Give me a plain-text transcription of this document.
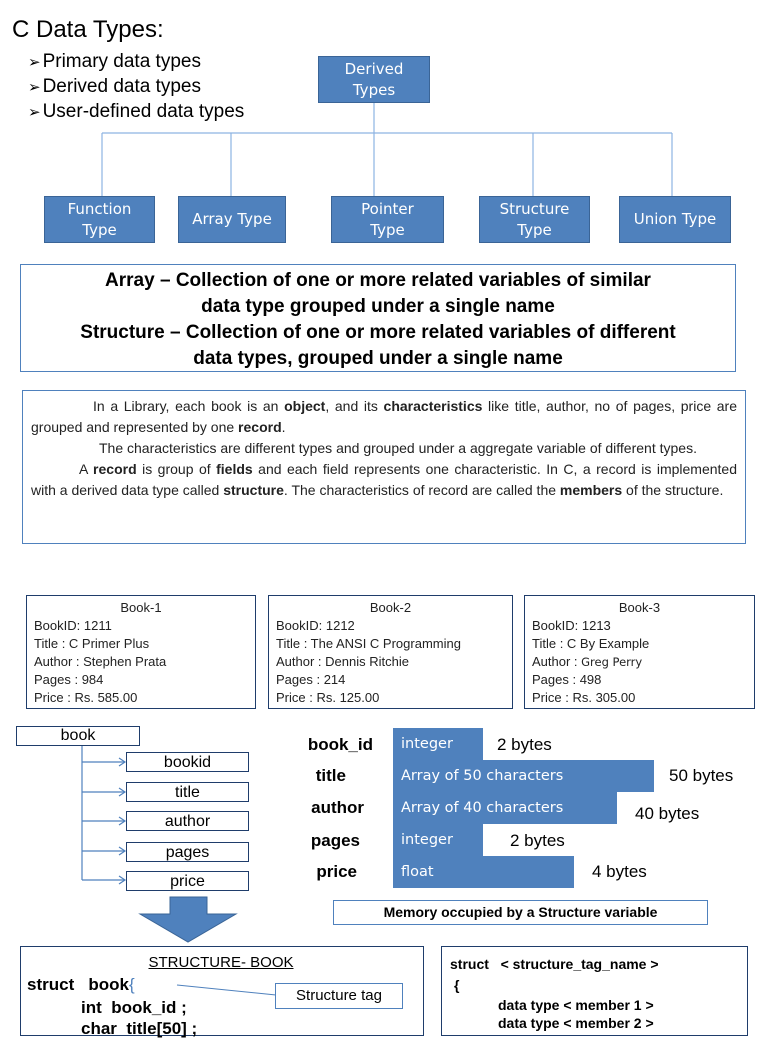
C Data Types:
➢ Primary data types
➢ Derived data types
➢ User-defined data types
Derived
Types
Function
Type
Array Type
Pointer
Type
Structure
Type
Union Type
Array – Collection of one or more related variables of similar
data type grouped under a single name
Structure – Collection of one or more related variables of different
data types, grouped under a single name
In a Library, each book is an object, and its characteristics like title, author, no of pages, price are grouped and represented by one record.
The characteristics are different types and grouped under a aggregate variable of different types.
A record is group of fields and each field represents one characteristic. In C, a record is implemented with a derived data type called structure. The characteristics of record are called the members of the structure.
Book-1
BookID: 1211
Title : C Primer Plus
Author : Stephen Prata
Pages : 984
Price : Rs. 585.00
Book-2
BookID: 1212
Title : The ANSI C Programming
Author : Dennis Ritchie
Pages : 214
Price : Rs. 125.00
Book-3
BookID: 1213
Title : C By Example
Author : Greg Perry
Pages : 498
Price : Rs. 305.00
book
bookid
title
author
pages
price
book_id	integer	2 bytes
title	Array of 50 characters	50 bytes
author	Array of 40 characters	40 bytes
pages	integer	2 bytes
price	float	4 bytes
Memory occupied by a Structure variable
STRUCTURE- BOOK
struct book{
int  book_id ;
char  title[50] ;
Structure tag
struct   < structure_tag_name >
{
data type < member 1 >
data type < member 2 >
